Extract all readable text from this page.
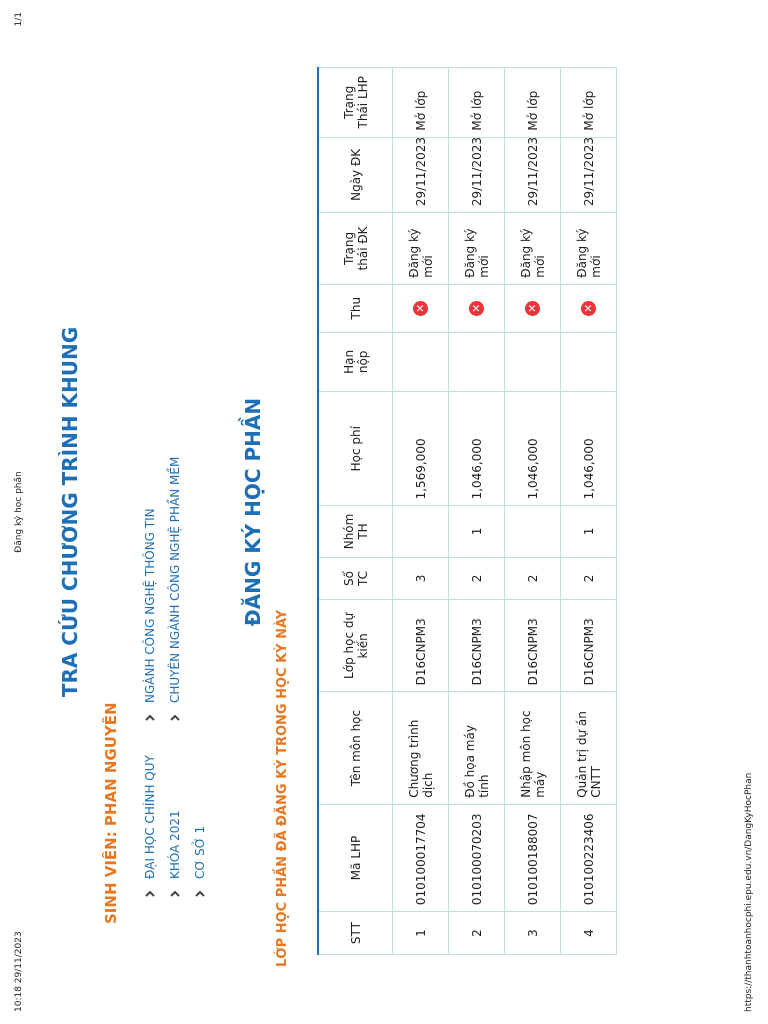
10:18 29/11/2023
Đăng ký học phần
1/1
TRA CỨU CHƯƠNG TRÌNH KHUNG
SINH VIÊN: PHAN NGUYÊN ĐẠI HỌC CHÍNH QUY KHÓA 2021 CƠ SỞ 1
NGÀNH CÔNG NGHỆ THÔNG TIN CHUYÊN NGÀNH CÔNG NGHỆ PHẦN MỀM	ĐĂNG KÝ HỌC PHẦN
LỚP HỌC PHẦN ĐÃ ĐĂNG KÝ TRONG HỌC KỲ NÀY	STT	Mã LHP	Tên môn học	Lớp học dự kiến	Số TC	Nhóm TH	Học phí	Hạn nộp	Thu	Trạng thái ĐK	Ngày ĐK	Trạng Thái LHP
1	010100017704	Chương trình dịch	D16CNPM3	3		1,569,000		✕	Đăng ký mới	29/11/2023	Mở lớp
2	010100070203	Đồ họa máy tính	D16CNPM3	2	1	1,046,000		✕	Đăng ký mới	29/11/2023	Mở lớp
3	010100188007	Nhập môn học máy	D16CNPM3	2		1,046,000		✕	Đăng ký mới	29/11/2023	Mở lớp
4	010100223406	Quản trị dự án CNTT	D16CNPM3	2	1	1,046,000		✕	Đăng ký mới	29/11/2023	Mở lớp
https://thanhtoanhocphi.epu.edu.vn/DangKyHocPhan
